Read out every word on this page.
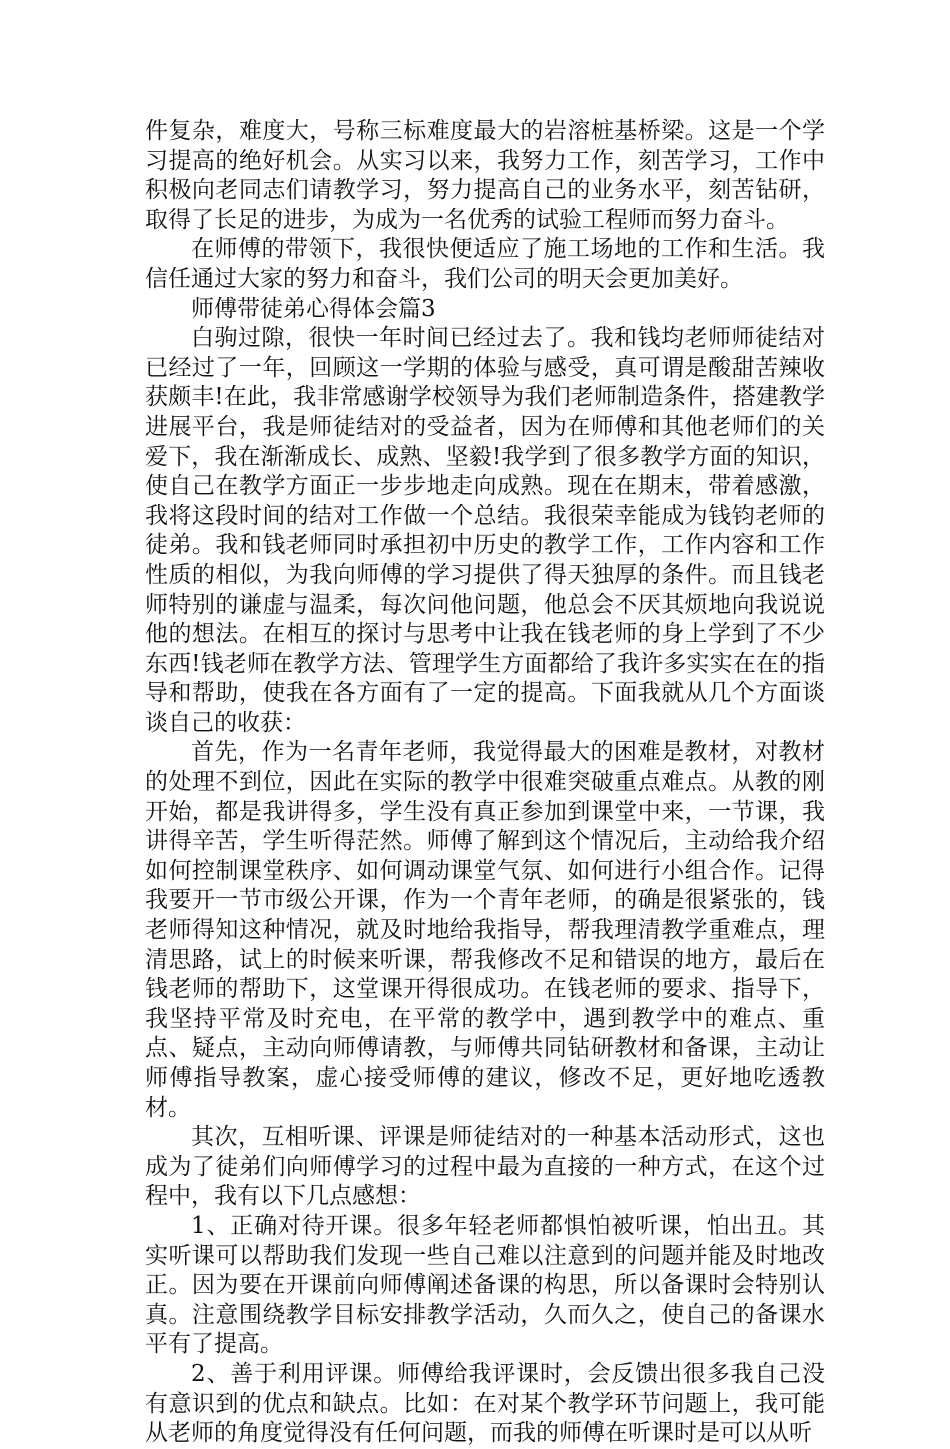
件复杂，难度大，号称三标难度最大的岩溶桩基桥梁。这是一个学习提高的绝好机会。从实习以来，我努力工作，刻苦学习，工作中积极向老同志们请教学习，努力提高自己的业务水平，刻苦钻研，取得了长足的进步，为成为一名优秀的试验工程师而努力奋斗。

在师傅的带领下，我很快便适应了施工场地的工作和生活。我信任通过大家的努力和奋斗，我们公司的明天会更加美好。

师傅带徒弟心得体会篇3

白驹过隙，很快一年时间已经过去了。我和钱均老师师徒结对已经过了一年，回顾这一学期的体验与感受，真可谓是酸甜苦辣收获颇丰!在此，我非常感谢学校领导为我们老师制造条件，搭建教学进展平台，我是师徒结对的受益者，因为在师傅和其他老师们的关爱下，我在渐渐成长、成熟、坚毅!我学到了很多教学方面的知识，使自己在教学方面正一步步地走向成熟。现在在期末，带着感激，我将这段时间的结对工作做一个总结。我很荣幸能成为钱钧老师的徒弟。我和钱老师同时承担初中历史的教学工作，工作内容和工作性质的相似，为我向师傅的学习提供了得天独厚的条件。而且钱老师特别的谦虚与温柔，每次问他问题，他总会不厌其烦地向我说说他的想法。在相互的探讨与思考中让我在钱老师的身上学到了不少东西!钱老师在教学方法、管理学生方面都给了我许多实实在在的指导和帮助，使我在各方面有了一定的提高。下面我就从几个方面谈谈自己的收获：

首先，作为一名青年老师，我觉得最大的困难是教材，对教材的处理不到位，因此在实际的教学中很难突破重点难点。从教的刚开始，都是我讲得多，学生没有真正参加到课堂中来，一节课，我讲得辛苦，学生听得茫然。师傅了解到这个情况后，主动给我介绍如何控制课堂秩序、如何调动课堂气氛、如何进行小组合作。记得我要开一节市级公开课，作为一个青年老师，的确是很紧张的，钱老师得知这种情况，就及时地给我指导，帮我理清教学重难点，理清思路，试上的时候来听课，帮我修改不足和错误的地方，最后在钱老师的帮助下，这堂课开得很成功。在钱老师的要求、指导下，我坚持平常及时充电，在平常的教学中，遇到教学中的难点、重点、疑点，主动向师傅请教，与师傅共同钻研教材和备课，主动让师傅指导教案，虚心接受师傅的建议，修改不足，更好地吃透教材。

其次，互相听课、评课是师徒结对的一种基本活动形式，这也成为了徒弟们向师傅学习的过程中最为直接的一种方式，在这个过程中，我有以下几点感想：

1、正确对待开课。很多年轻老师都惧怕被听课，怕出丑。其实听课可以帮助我们发现一些自己难以注意到的问题并能及时地改正。因为要在开课前向师傅阐述备课的构思，所以备课时会特别认真。注意围绕教学目标安排教学活动，久而久之，使自己的备课水平有了提高。

2、善于利用评课。师傅给我评课时，会反馈出很多我自己没有意识到的优点和缺点。比如：在对某个教学环节问题上，我可能从老师的角度觉得没有任何问题，而我的师傅在听课时是可以从听
